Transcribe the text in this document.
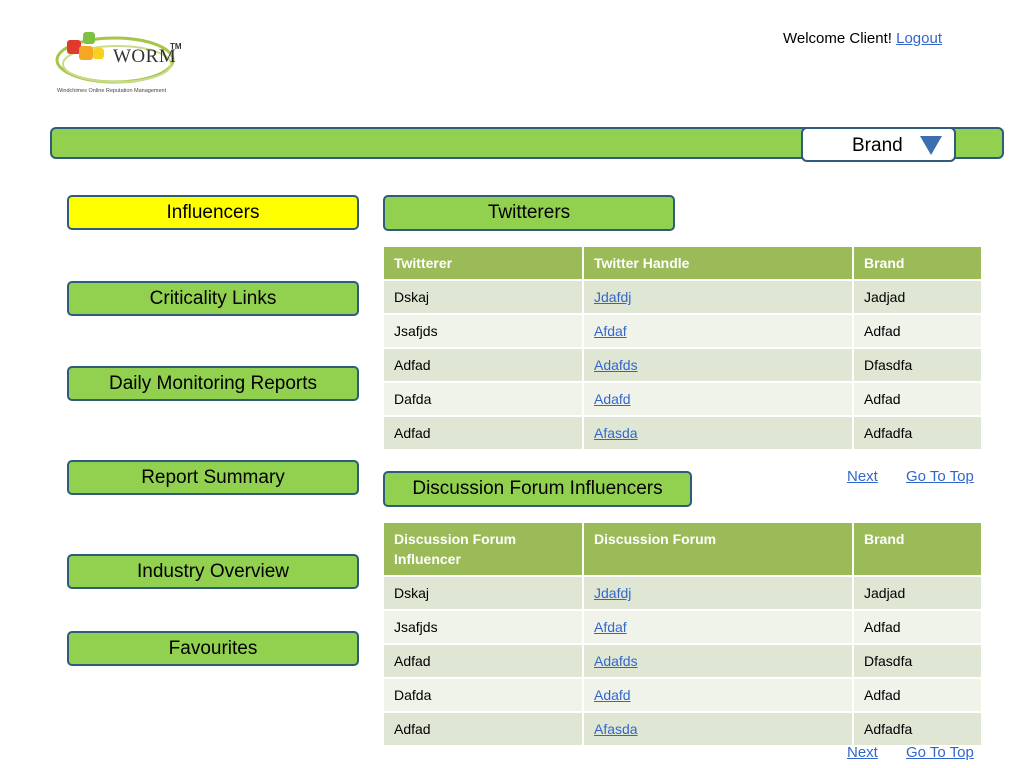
WORM
TM
Windchimes Online Reputation Management
Welcome Client! Logout
Brand
Influencers
Criticality Links
Daily Monitoring Reports
Report Summary
Industry Overview
Favourites
Twitterers
Twitterer	Twitter Handle	Brand
Dskaj	Jdafdj	Jadjad
Jsafjds	Afdaf	Adfad
Adfad	Adafds	Dfasdfa
Dafda	Adafd	Adfad
Adfad	Afasda	Adfadfa
Next Go To Top
Discussion Forum Influencers
Discussion Forum Influencer	Discussion Forum	Brand
Dskaj	Jdafdj	Jadjad
Jsafjds	Afdaf	Adfad
Adfad	Adafds	Dfasdfa
Dafda	Adafd	Adfad
Adfad	Afasda	Adfadfa
Next Go To Top
